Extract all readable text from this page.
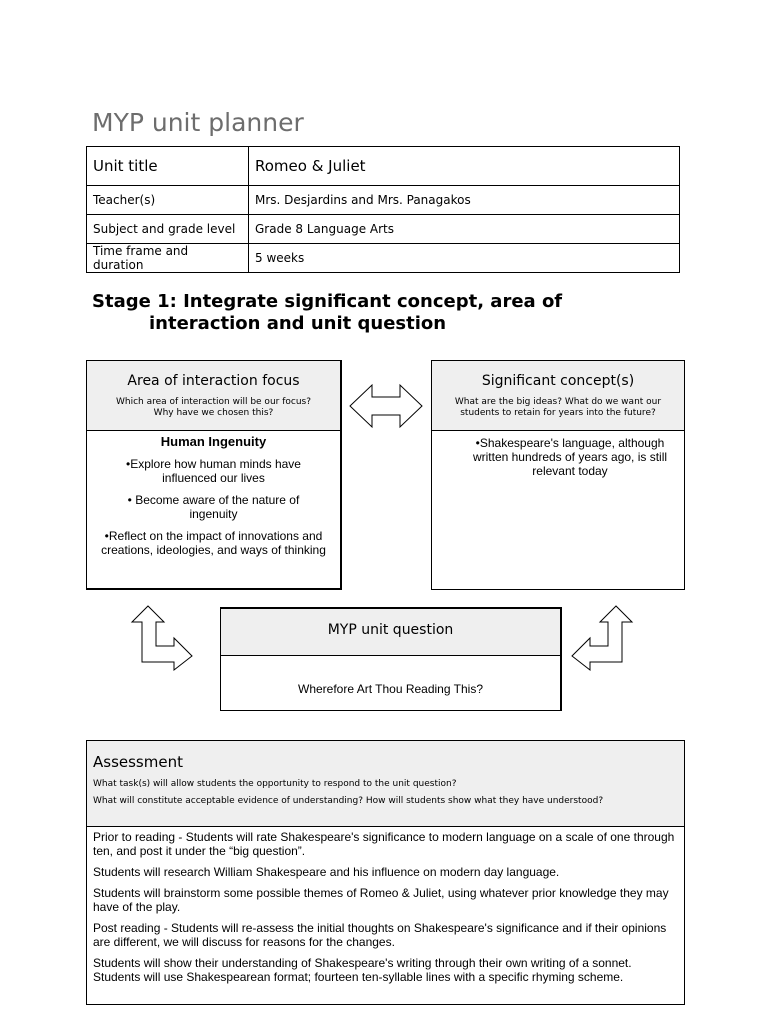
MYP unit planner
Unit title	Romeo & Juliet
Teacher(s)	Mrs. Desjardins and Mrs. Panagakos
Subject and grade level	Grade 8 Language Arts
Time frame and duration	5 weeks
Stage 1: Integrate significant concept, area of
interaction and unit question
Area of interaction focus
Which area of interaction will be our focus?
Why have we chosen this?
Human Ingenuity

•Explore how human minds have influenced our lives

• Become aware of the nature of ingenuity

•Reflect on the impact of innovations and creations, ideologies, and ways of thinking

Significant concept(s)
What are the big ideas? What do we want our
students to retain for years into the future?
•Shakespeare's language, although written hundreds of years ago, is still relevant today
MYP unit question
Wherefore Art Thou Reading This?
Assessment
What task(s) will allow students the opportunity to respond to the unit question?
What will constitute acceptable evidence of understanding? How will students show what they have understood?

Prior to reading - Students will rate Shakespeare's significance to modern language on a scale of one through ten, and post it under the “big question”.

Students will research William Shakespeare and his influence on modern day language.

Students will brainstorm some possible themes of Romeo & Juliet, using whatever prior knowledge they may have of the play.

Post reading - Students will re-assess the initial thoughts on Shakespeare's significance and if their opinions are different, we will discuss for reasons for the changes.

Students will show their understanding of Shakespeare's writing through their own writing of a sonnet. Students will use Shakespearean format; fourteen ten-syllable lines with a specific rhyming scheme.
